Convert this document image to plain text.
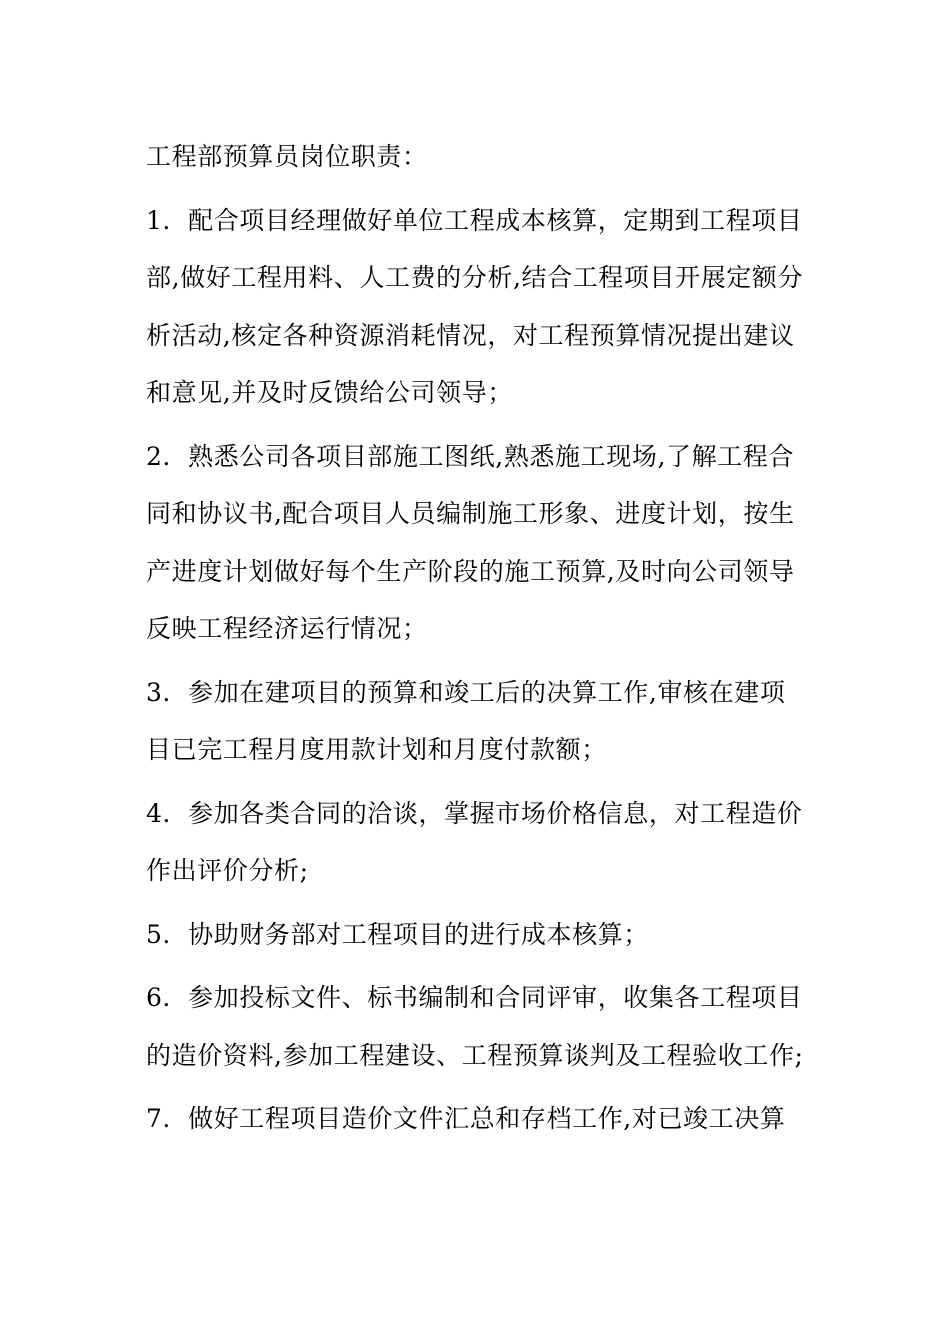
工程部预算员岗位职责：

1．配合项目经理做好单位工程成本核算，定期到工程项目部,做好工程用料、人工费的分析,结合工程项目开展定额分析活动,核定各种资源消耗情况，对工程预算情况提出建议和意见,并及时反馈给公司领导；

2．熟悉公司各项目部施工图纸,熟悉施工现场,了解工程合同和协议书,配合项目人员编制施工形象、进度计划，按生产进度计划做好每个生产阶段的施工预算,及时向公司领导反映工程经济运行情况；

3．参加在建项目的预算和竣工后的决算工作,审核在建项目已完工程月度用款计划和月度付款额；

4．参加各类合同的洽谈，掌握市场价格信息，对工程造价作出评价分析;

5．协助财务部对工程项目的进行成本核算；

6．参加投标文件、标书编制和合同评审，收集各工程项目的造价资料,参加工程建设、工程预算谈判及工程验收工作;

7．做好工程项目造价文件汇总和存档工作,对已竣工决算
